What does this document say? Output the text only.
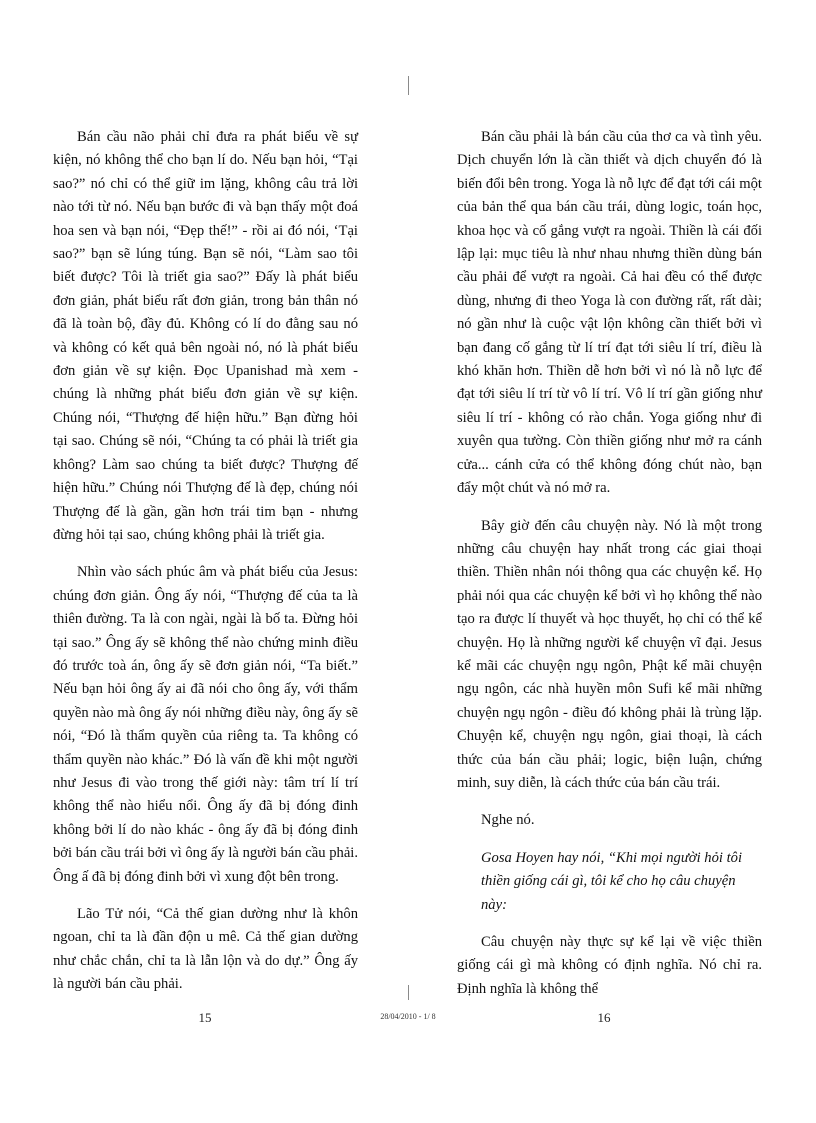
Bán cầu não phải chỉ đưa ra phát biểu về sự kiện, nó không thể cho bạn lí do. Nếu bạn hỏi, “Tại sao?” nó chỉ có thể giữ im lặng, không câu trả lời nào tới từ nó. Nếu bạn bước đi và bạn thấy một đoá hoa sen và bạn nói, “Đẹp thế!” - rồi ai đó nói, ‘Tại sao?” bạn sẽ lúng túng. Bạn sẽ nói, “Làm sao tôi biết được? Tôi là triết gia sao?” Đấy là phát biểu đơn giản, phát biểu rất đơn giản, trong bản thân nó đã là toàn bộ, đầy đủ. Không có lí do đằng sau nó và không có kết quả bên ngoài nó, nó là phát biểu đơn giản về sự kiện. Đọc Upanishad mà xem - chúng là những phát biểu đơn giản về sự kiện. Chúng nói, “Thượng đế hiện hữu.” Bạn đừng hỏi tại sao. Chúng sẽ nói, “Chúng ta có phải là triết gia không? Làm sao chúng ta biết được? Thượng đế hiện hữu.” Chúng nói Thượng đế là đẹp, chúng nói Thượng đế là gần, gần hơn trái tim bạn - nhưng đừng hỏi tại sao, chúng không phải là triết gia.

Nhìn vào sách phúc âm và phát biểu của Jesus: chúng đơn giản. Ông ấy nói, “Thượng đế của ta là thiên đường. Ta là con ngài, ngài là bố ta. Đừng hỏi tại sao.” Ông ấy sẽ không thể nào chứng minh điều đó trước toà án, ông ấy sẽ đơn giản nói, “Ta biết.” Nếu bạn hỏi ông ấy ai đã nói cho ông ấy, với thẩm quyền nào mà ông ấy nói những điều này, ông ấy sẽ nói, “Đó là thẩm quyền của riêng ta. Ta không có thẩm quyền nào khác.” Đó là vấn đề khi một người như Jesus đi vào trong thế giới này: tâm trí lí trí không thể nào hiểu nổi. Ông ấy đã bị đóng đinh không bởi lí do nào khác - ông ấy đã bị đóng đinh bởi bán cầu trái bởi vì ông ấy là người bán cầu phải. Ông ấ đã bị đóng đinh bởi vì xung đột bên trong.

Lão Tử nói, “Cả thế gian dường như là khôn ngoan, chỉ ta là đần độn u mê. Cả thế gian dường như chắc chắn, chỉ ta là lẫn lộn và do dự.” Ông ấy là người bán cầu phải.

Bán cầu phải là bán cầu của thơ ca và tình yêu. Dịch chuyển lớn là cần thiết và dịch chuyển đó là biến đổi bên trong. Yoga là nỗ lực để đạt tới cái một của bản thể qua bán cầu trái, dùng logic, toán học, khoa học và cố gắng vượt ra ngoài. Thiền là cái đối lập lại: mục tiêu là như nhau nhưng thiền dùng bán cầu phải để vượt ra ngoài. Cả hai đều có thể được dùng, nhưng đi theo Yoga là con đường rất, rất dài; nó gần như là cuộc vật lộn không cần thiết bởi vì bạn đang cố gắng từ lí trí đạt tới siêu lí trí, điều là khó khăn hơn. Thiền dễ hơn bởi vì nó là nỗ lực để đạt tới siêu lí trí từ vô lí trí. Vô lí trí gần giống như siêu lí trí - không có rào chắn. Yoga giống như đi xuyên qua tường. Còn thiền giống như mở ra cánh cửa... cánh cửa có thể không đóng chút nào, bạn đẩy một chút và nó mở ra.

Bây giờ đến câu chuyện này. Nó là một trong những câu chuyện hay nhất trong các giai thoại thiền. Thiền nhân nói thông qua các chuyện kể. Họ phải nói qua các chuyện kể bởi vì họ không thể nào tạo ra được lí thuyết và học thuyết, họ chỉ có thể kể chuyện. Họ là những người kể chuyện vĩ đại. Jesus kể mãi các chuyện ngụ ngôn, Phật kể mãi chuyện ngụ ngôn, các nhà huyền môn Sufi kể mãi những chuyện ngụ ngôn - điều đó không phải là trùng lặp. Chuyện kể, chuyện ngụ ngôn, giai thoại, là cách thức của bán cầu phải; logic, biện luận, chứng minh, suy diễn, là cách thức của bán cầu trái.

Nghe nó.

Gosa Hoyen hay nói, “Khi mọi người hỏi tôi thiền giống cái gì, tôi kể cho họ câu chuyện này:

Câu chuyện này thực sự kể lại về việc thiền giống cái gì mà không có định nghĩa. Nó chỉ ra. Định nghĩa là không thể

15	28/04/2010 - 1/ 8	16
